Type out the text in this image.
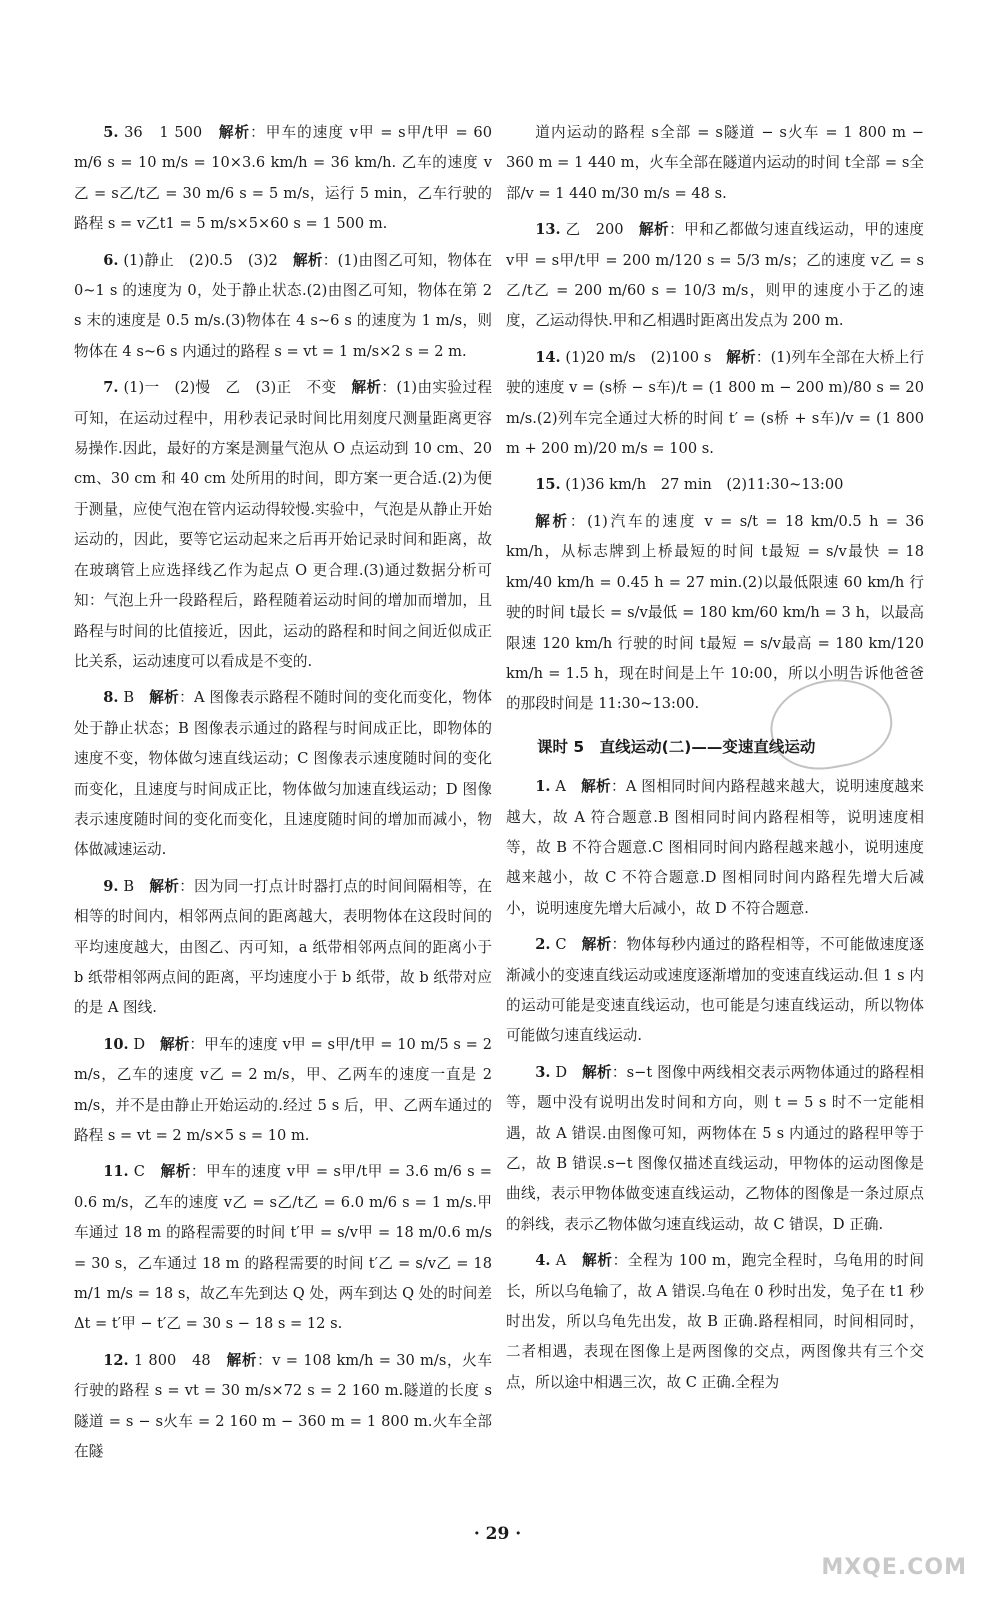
5. 36　1 500　 解析：甲车的速度 v甲 = s甲/t甲 = 60 m/6 s = 10 m/s = 10×3.6 km/h = 36 km/h. 乙车的速度 v乙 = s乙/t乙 = 30 m/6 s = 5 m/s，运行 5 min，乙车行驶的路程 s = v乙t1 = 5 m/s×5×60 s = 1 500 m.

6. (1)静止　(2)0.5　(3)2　 解析：(1)由图乙可知，物体在 0~1 s 的速度为 0，处于静止状态.(2)由图乙可知，物体在第 2 s 末的速度是 0.5 m/s.(3)物体在 4 s~6 s 的速度为 1 m/s，则物体在 4 s~6 s 内通过的路程 s = vt = 1 m/s×2 s = 2 m.

7. (1)一　(2)慢　乙　(3)正　不变　 解析：(1)由实验过程可知，在运动过程中，用秒表记录时间比用刻度尺测量距离更容易操作.因此，最好的方案是测量气泡从 O 点运动到 10 cm、20 cm、30 cm 和 40 cm 处所用的时间，即方案一更合适.(2)为便于测量，应使气泡在管内运动得较慢.实验中，气泡是从静止开始运动的，因此，要等它运动起来之后再开始记录时间和距离，故在玻璃管上应选择线乙作为起点 O 更合理.(3)通过数据分析可知：气泡上升一段路程后，路程随着运动时间的增加而增加，且路程与时间的比值接近，因此，运动的路程和时间之间近似成正比关系，运动速度可以看成是不变的.

8. B　 解析：A 图像表示路程不随时间的变化而变化，物体处于静止状态；B 图像表示通过的路程与时间成正比，即物体的速度不变，物体做匀速直线运动；C 图像表示速度随时间的变化而变化，且速度与时间成正比，物体做匀加速直线运动；D 图像表示速度随时间的变化而变化，且速度随时间的增加而减小，物体做减速运动.

9. B　 解析：因为同一打点计时器打点的时间间隔相等，在相等的时间内，相邻两点间的距离越大，表明物体在这段时间的平均速度越大，由图乙、丙可知，a 纸带相邻两点间的距离小于 b 纸带相邻两点间的距离，平均速度小于 b 纸带，故 b 纸带对应的是 A 图线.

10. D　 解析：甲车的速度 v甲 = s甲/t甲 = 10 m/5 s = 2 m/s，乙车的速度 v乙 = 2 m/s，甲、乙两车的速度一直是 2 m/s，并不是由静止开始运动的.经过 5 s 后，甲、乙两车通过的路程 s = vt = 2 m/s×5 s = 10 m.

11. C　 解析：甲车的速度 v甲 = s甲/t甲 = 3.6 m/6 s = 0.6 m/s，乙车的速度 v乙 = s乙/t乙 = 6.0 m/6 s = 1 m/s.甲车通过 18 m 的路程需要的时间 t′甲 = s/v甲 = 18 m/0.6 m/s = 30 s，乙车通过 18 m 的路程需要的时间 t′乙 = s/v乙 = 18 m/1 m/s = 18 s，故乙车先到达 Q 处，两车到达 Q 处的时间差 Δt = t′甲 − t′乙 = 30 s − 18 s = 12 s.

12. 1 800　48　 解析：v = 108 km/h = 30 m/s，火车行驶的路程 s = vt = 30 m/s×72 s = 2 160 m.隧道的长度 s隧道 = s − s火车 = 2 160 m − 360 m = 1 800 m.火车全部在隧

道内运动的路程 s全部 = s隧道 − s火车 = 1 800 m − 360 m = 1 440 m，火车全部在隧道内运动的时间 t全部 = s全部/v = 1 440 m/30 m/s = 48 s.

13. 乙　200　 解析：甲和乙都做匀速直线运动，甲的速度 v甲 = s甲/t甲 = 200 m/120 s = 5/3 m/s；乙的速度 v乙 = s乙/t乙 = 200 m/60 s = 10/3 m/s，则甲的速度小于乙的速度，乙运动得快.甲和乙相遇时距离出发点为 200 m.

14. (1)20 m/s　(2)100 s　 解析：(1)列车全部在大桥上行驶的速度 v = (s桥 − s车)/t = (1 800 m − 200 m)/80 s = 20 m/s.(2)列车完全通过大桥的时间 t′ = (s桥 + s车)/v = (1 800 m + 200 m)/20 m/s = 100 s.

15. (1)36 km/h　27 min　(2)11:30~13:00　

解析：(1)汽车的速度 v = s/t = 18 km/0.5 h = 36 km/h，从标志牌到上桥最短的时间 t最短 = s/v最快 = 18 km/40 km/h = 0.45 h = 27 min.(2)以最低限速 60 km/h 行驶的时间 t最长 = s/v最低 = 180 km/60 km/h = 3 h，以最高限速 120 km/h 行驶的时间 t最短 = s/v最高 = 180 km/120 km/h = 1.5 h，现在时间是上午 10:00，所以小明告诉他爸爸的那段时间是 11:30~13:00.

课时 5　直线运动(二)——变速直线运动

1. A　 解析：A 图相同时间内路程越来越大，说明速度越来越大，故 A 符合题意.B 图相同时间内路程相等，说明速度相等，故 B 不符合题意.C 图相同时间内路程越来越小，说明速度越来越小，故 C 不符合题意.D 图相同时间内路程先增大后减小，说明速度先增大后减小，故 D 不符合题意.

2. C　 解析：物体每秒内通过的路程相等，不可能做速度逐渐减小的变速直线运动或速度逐渐增加的变速直线运动.但 1 s 内的运动可能是变速直线运动，也可能是匀速直线运动，所以物体可能做匀速直线运动.

3. D　 解析：s−t 图像中两线相交表示两物体通过的路程相等，题中没有说明出发时间和方向，则 t = 5 s 时不一定能相遇，故 A 错误.由图像可知，两物体在 5 s 内通过的路程甲等于乙，故 B 错误.s−t 图像仅描述直线运动，甲物体的运动图像是曲线，表示甲物体做变速直线运动，乙物体的图像是一条过原点的斜线，表示乙物体做匀速直线运动，故 C 错误，D 正确.

4. A　 解析：全程为 100 m，跑完全程时，乌龟用的时间长，所以乌龟输了，故 A 错误.乌龟在 0 秒时出发，兔子在 t1 秒时出发，所以乌龟先出发，故 B 正确.路程相同，时间相同时，二者相遇，表现在图像上是两图像的交点，两图像共有三个交点，所以途中相遇三次，故 C 正确.全程为

· 29 ·
MXQE.COM
